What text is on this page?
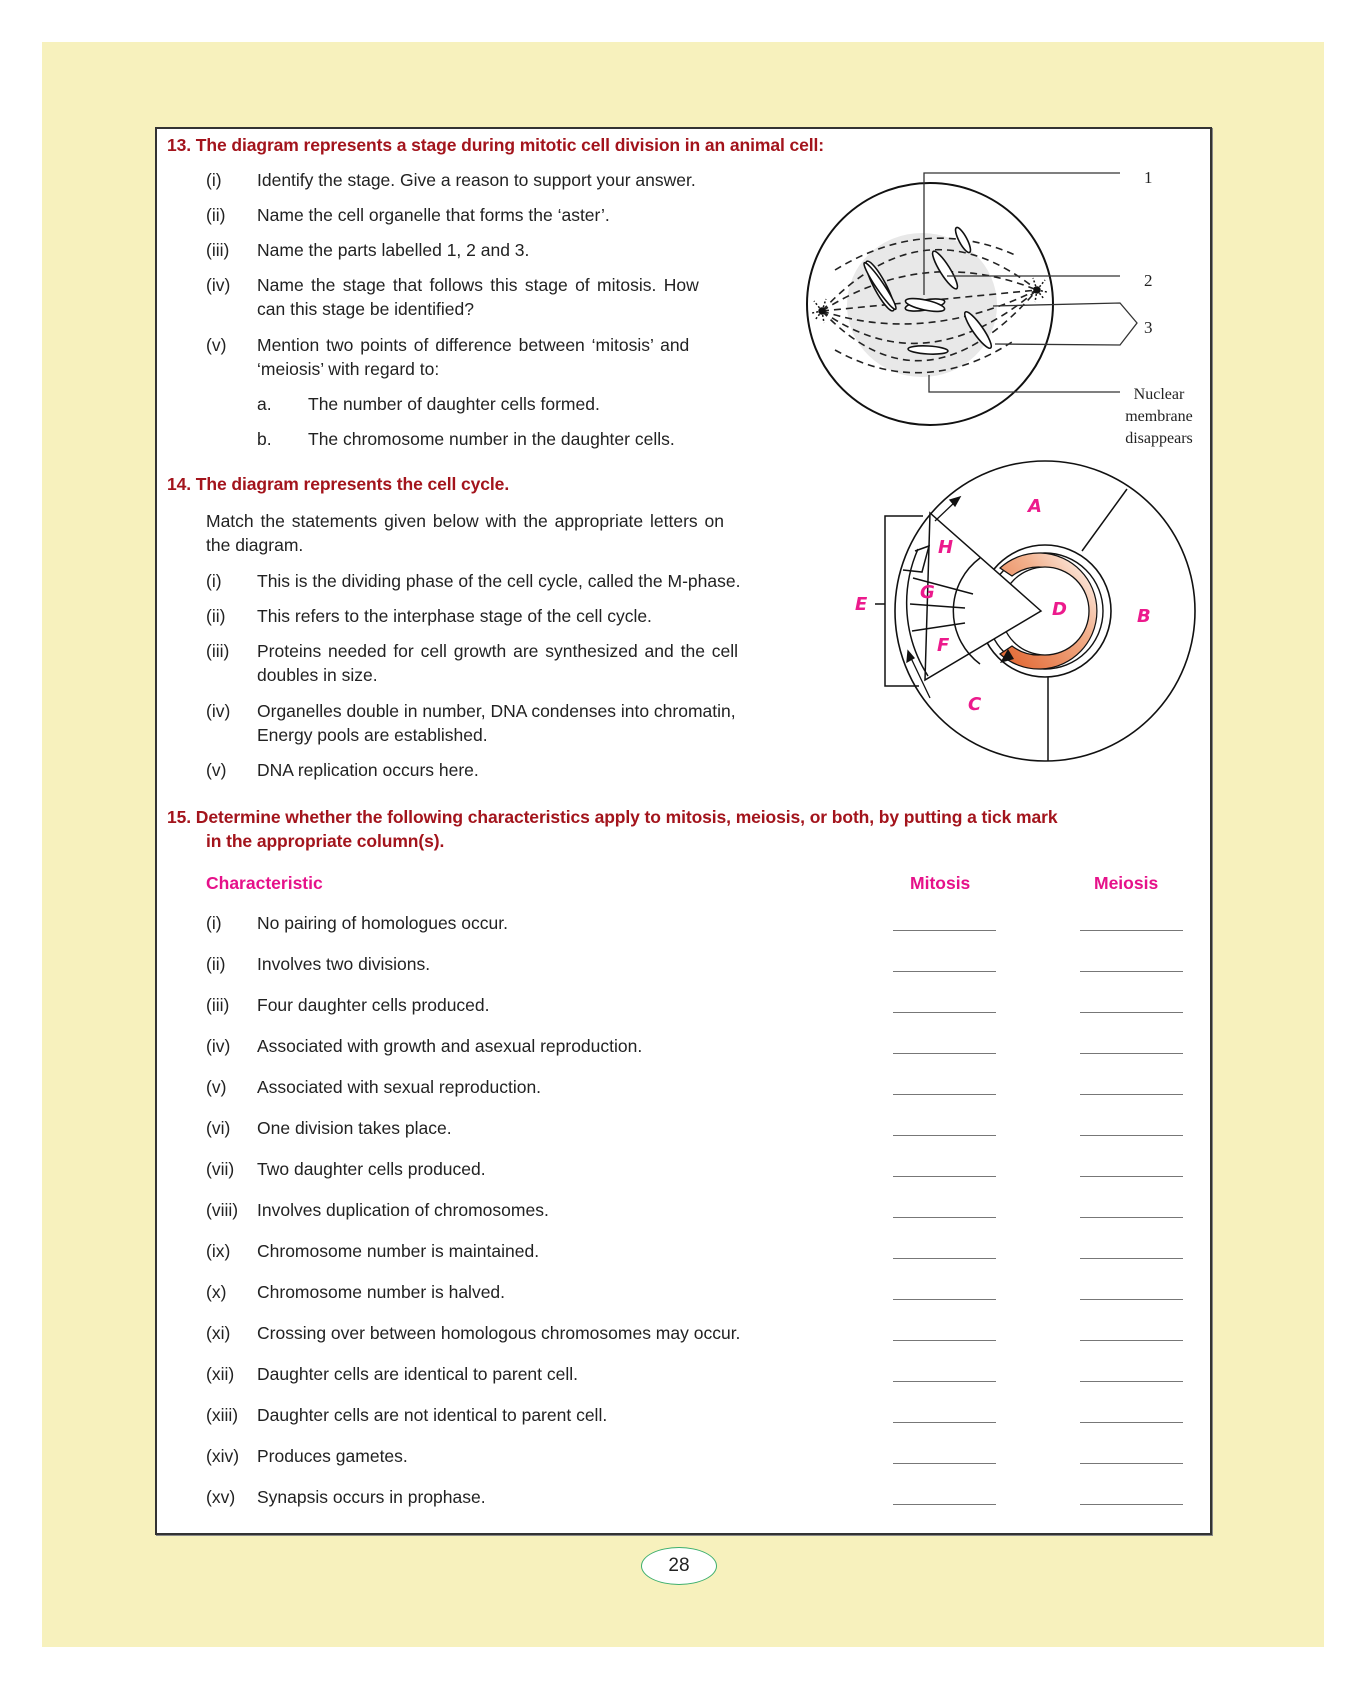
13. The diagram represents a stage during mitotic cell division in an animal cell:
(i) Identify the stage. Give a reason to support your answer.
(ii) Name the cell organelle that forms the ‘aster’.
(iii) Name the parts labelled 1, 2 and 3.
(iv) Name the stage that follows this stage of mitosis. How
can this stage be identified?
(v) Mention two points of difference between ‘mitosis’ and
‘meiosis’ with regard to:
a. The number of daughter cells formed.
b. The chromosome number in the daughter cells.
1
2
3
Nuclear
membrane
disappears
14. The diagram represents the cell cycle.
Match the statements given below with the appropriate letters on
the diagram.
(i) This is the dividing phase of the cell cycle, called the M-phase.
(ii) This refers to the interphase stage of the cell cycle.
(iii) Proteins needed for cell growth are synthesized and the cell
doubles in size.
(iv) Organelles double in number, DNA condenses into chromatin,
Energy pools are established.
(v) DNA replication occurs here.
A
B
C
D
E
F
G
H
15. Determine whether the following characteristics apply to mitosis, meiosis, or both, by putting a tick mark
in the appropriate column(s).
Characteristic	Mitosis	Meiosis
(i) No pairing of homologues occur.
(ii) Involves two divisions.
(iii) Four daughter cells produced.
(iv) Associated with growth and asexual reproduction.
(v) Associated with sexual reproduction.
(vi) One division takes place.
(vii) Two daughter cells produced.
(viii) Involves duplication of chromosomes.
(ix) Chromosome number is maintained.
(x) Chromosome number is halved.
(xi) Crossing over between homologous chromosomes may occur.
(xii) Daughter cells are identical to parent cell.
(xiii) Daughter cells are not identical to parent cell.
(xiv) Produces gametes.
(xv) Synapsis occurs in prophase.
28
